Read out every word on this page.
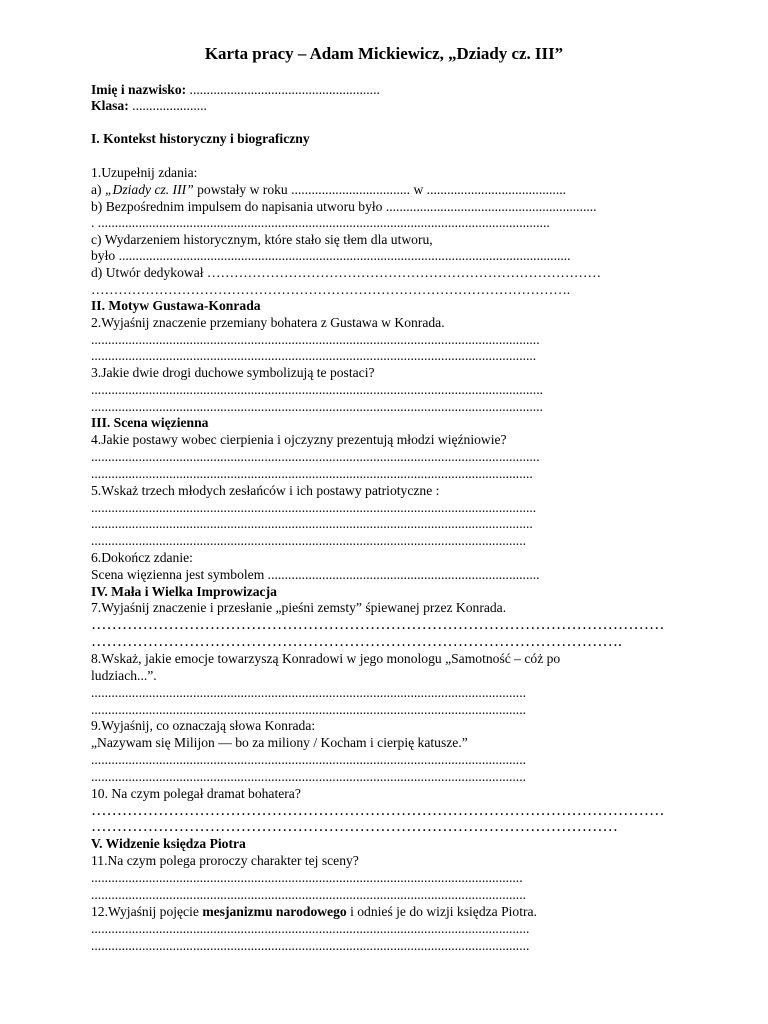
Karta pracy – Adam Mickiewicz, „Dziady cz. III”
Imię i nazwisko: ........................................................
Klasa: ......................
I. Kontekst historyczny i biograficzny
1.Uzupełnij zdania:
a) „Dziady cz. III” powstały w roku ................................... w .........................................
b) Bezpośrednim impulsem do napisania utworu było ..............................................................
. .....................................................................................................................................
c) Wydarzeniem historycznym, które stało się tłem dla utworu,
było .....................................................................................................................................
d) Utwór dedykował ……………………………………………………………………………
…………………………………………………………………………………………….
II. Motyw Gustawa-Konrada
2.Wyjaśnij znaczenie przemiany bohatera z Gustawa w Konrada.
....................................................................................................................................
...................................................................................................................................
3.Jakie dwie drogi duchowe symbolizują te postaci?
.....................................................................................................................................
.....................................................................................................................................
III. Scena więzienna
4.Jakie postawy wobec cierpienia i ojczyzny prezentują młodzi więźniowie?
....................................................................................................................................
..................................................................................................................................
5.Wskaż trzech młodych zesłańców i ich postawy patriotyczne :
...................................................................................................................................
..................................................................................................................................
................................................................................................................................
6.Dokończ zdanie:
Scena więzienna jest symbolem ................................................................................
IV. Mała i Wielka Improwizacja
7.Wyjaśnij znaczenie i przesłanie „pieśni zemsty” śpiewanej przez Konrada.
…………………………………………………………………………………………………
………………………………………………………………………………………….
8.Wskaż, jakie emocje towarzyszą Konradowi w jego monologu „Samotność – cóż po
ludziach...”.
................................................................................................................................
................................................................................................................................
9.Wyjaśnij, co oznaczają słowa Konrada:
„Nazywam się Milijon — bo za miliony / Kocham i cierpię katusze.”
................................................................................................................................
................................................................................................................................
10. Na czym polegał dramat bohatera?
…………………………………………………………………………………………………
…………………………………………………………………………………………
V. Widzenie księdza Piotra
11.Na czym polega proroczy charakter tej sceny?
...............................................................................................................................
................................................................................................................................
12.Wyjaśnij pojęcie mesjanizmu narodowego i odnieś je do wizji księdza Piotra.
.................................................................................................................................
.................................................................................................................................
